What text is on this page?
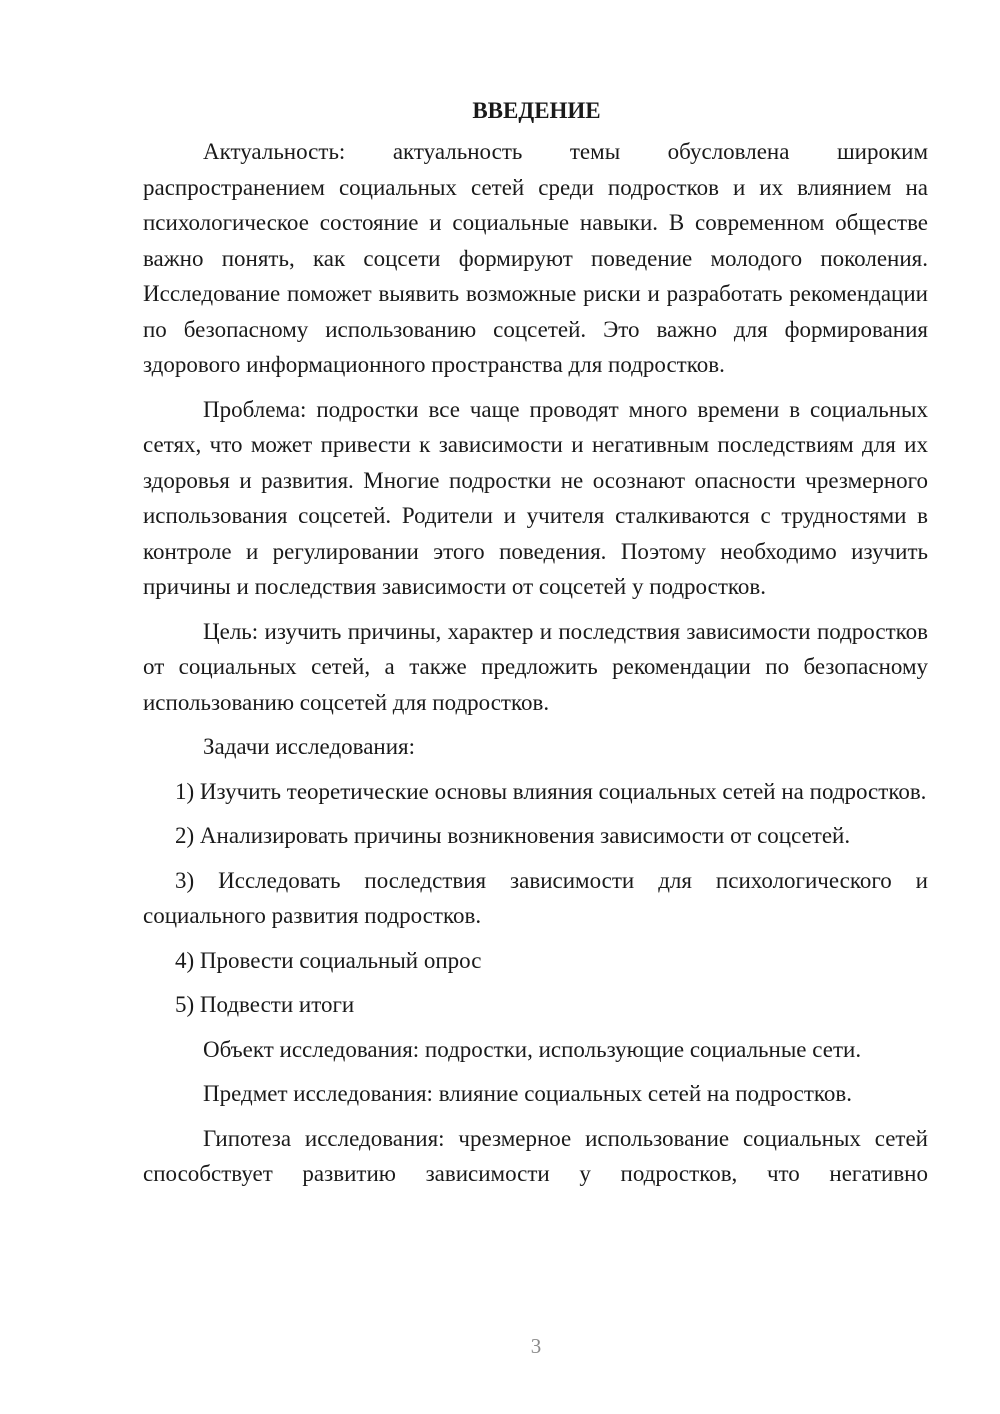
ВВЕДЕНИЕ
Актуальность: актуальность темы обусловлена широким распространением социальных сетей среди подростков и их влиянием на психологическое состояние и социальные навыки. В современном обществе важно понять, как соцсети формируют поведение молодого поколения. Исследование поможет выявить возможные риски и разработать рекомендации по безопасному использованию соцсетей. Это важно для формирования здорового информационного пространства для подростков.
Проблема: подростки все чаще проводят много времени в социальных сетях, что может привести к зависимости и негативным последствиям для их здоровья и развития. Многие подростки не осознают опасности чрезмерного использования соцсетей. Родители и учителя сталкиваются с трудностями в контроле и регулировании этого поведения. Поэтому необходимо изучить причины и последствия зависимости от соцсетей у подростков.
Цель: изучить причины, характер и последствия зависимости подростков от социальных сетей, а также предложить рекомендации по безопасному использованию соцсетей для подростков.
Задачи исследования:
1) Изучить теоретические основы влияния социальных сетей на подростков.
2) Анализировать причины возникновения зависимости от соцсетей.
3) Исследовать последствия зависимости для психологического и социального развития подростков.
4) Провести социальный опрос
5) Подвести итоги
Объект исследования: подростки, использующие социальные сети.
Предмет исследования: влияние социальных сетей на подростков.
Гипотеза исследования: чрезмерное использование социальных сетей способствует развитию зависимости у подростков, что негативно
3
